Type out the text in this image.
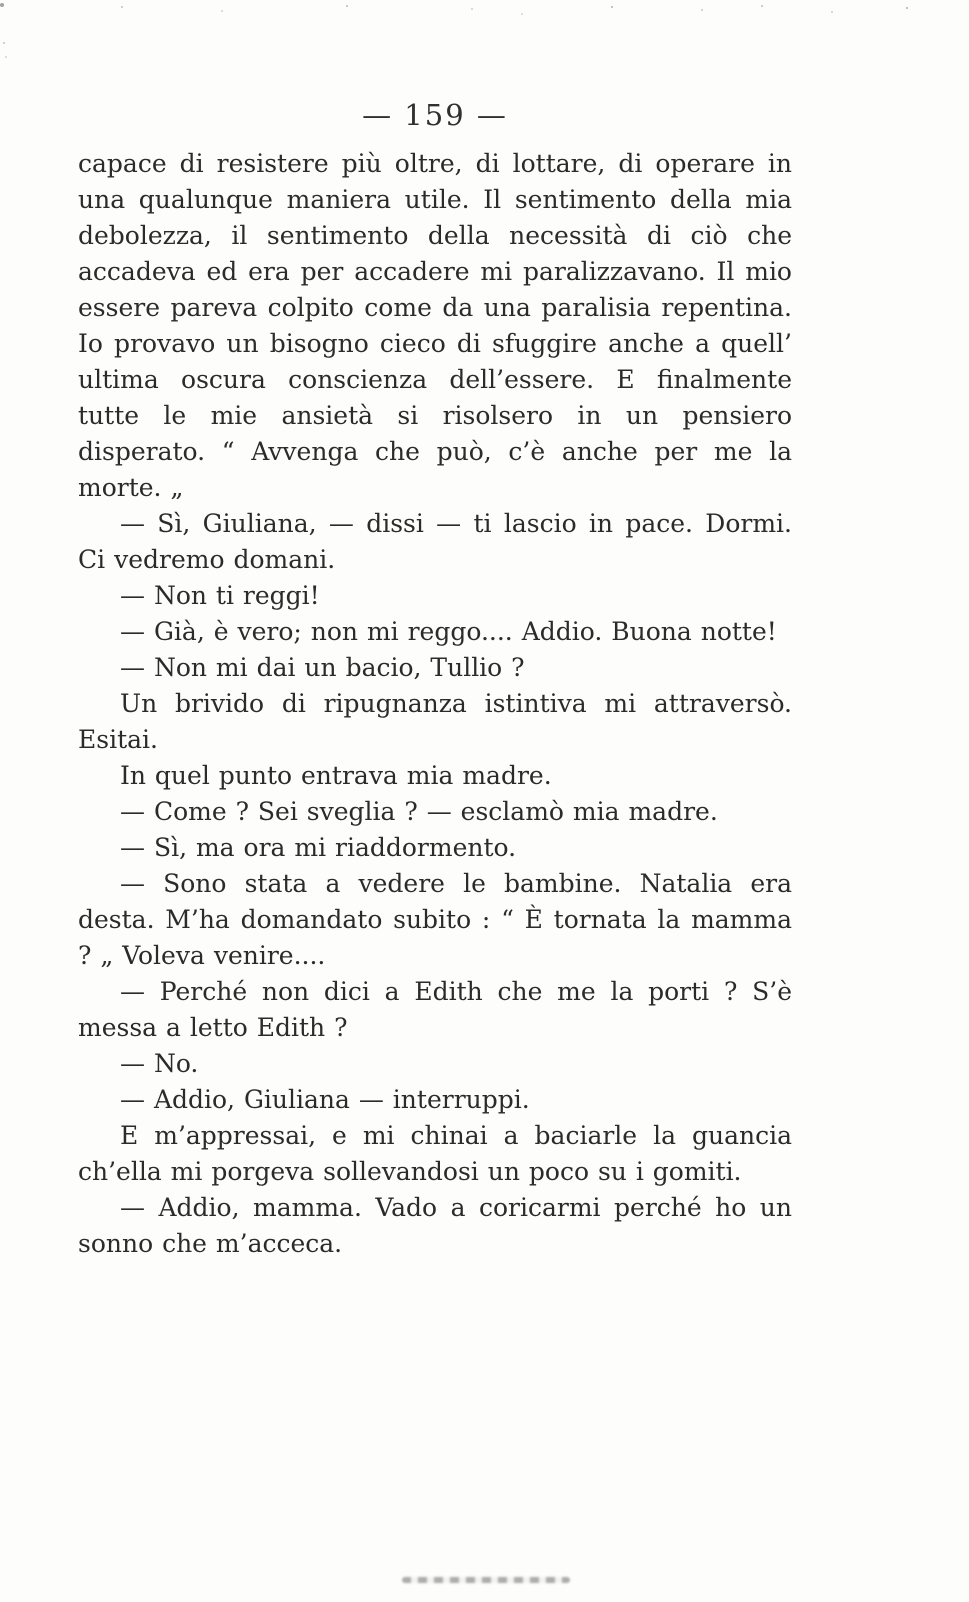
— 159 —

capace di resistere più oltre, di lottare, di operare in una qualunque maniera utile. Il sentimento della mia debolezza, il sentimento della necessità di ciò che accadeva ed era per accadere mi paralizzavano. Il mio essere pareva colpito come da una paralisia repentina. Io provavo un bisogno cieco di sfuggire anche a quell’ ultima oscura conscienza dell’essere. E finalmente tutte le mie ansietà si risolsero in un pensiero disperato. “ Avvenga che può, c’è anche per me la morte. „

— Sì, Giuliana, — dissi — ti lascio in pace. Dormi. Ci vedremo domani.

— Non ti reggi!

— Già, è vero; non mi reggo.... Addio. Buona notte!

— Non mi dai un bacio, Tullio ?

Un brivido di ripugnanza istintiva mi attraversò. Esitai.

In quel punto entrava mia madre.

— Come ? Sei sveglia ? — esclamò mia madre.

— Sì, ma ora mi riaddormento.

— Sono stata a vedere le bambine. Natalia era desta. M’ha domandato subito : “ È tornata la mamma ? „ Voleva venire....

— Perché non dici a Edith che me la porti ? S’è messa a letto Edith ?

— No.

— Addio, Giuliana — interruppi.

E m’appressai, e mi chinai a baciarle la guancia ch’ella mi porgeva sollevandosi un poco su i gomiti.

— Addio, mamma. Vado a coricarmi perché ho un sonno che m’acceca.
